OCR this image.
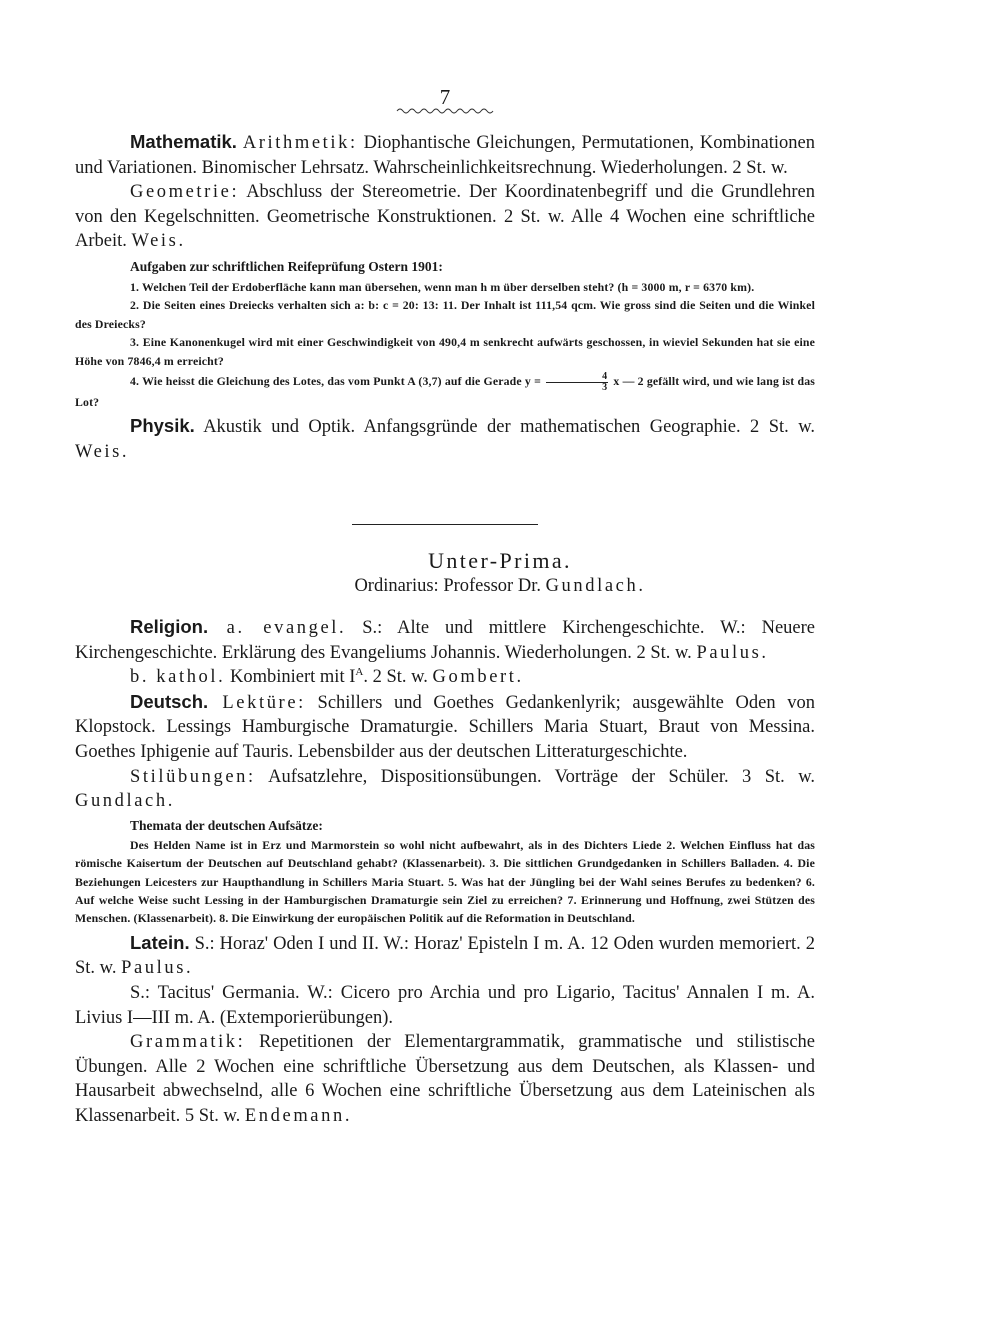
7

Mathematik. Arithmetik: Diophantische Gleichungen, Permutationen, Kombinationen und Variationen. Binomischer Lehrsatz. Wahrscheinlichkeitsrechnung. Wiederholungen. 2 St. w.

Geometrie: Abschluss der Stereometrie. Der Koordinatenbegriff und die Grundlehren von den Kegelschnitten. Geometrische Konstruktionen. 2 St. w. Alle 4 Wochen eine schriftliche Arbeit. Weis.

Aufgaben zur schriftlichen Reifeprüfung Ostern 1901:

1. Welchen Teil der Erdoberfläche kann man übersehen, wenn man h m über derselben steht? (h = 3000 m, r = 6370 km).

2. Die Seiten eines Dreiecks verhalten sich a: b: c = 20: 13: 11. Der Inhalt ist 111,54 qcm. Wie gross sind die Seiten und die Winkel des Dreiecks?

3. Eine Kanonenkugel wird mit einer Geschwindigkeit von 490,4 m senkrecht aufwärts geschossen, in wieviel Sekunden hat sie eine Höhe von 7846,4 m erreicht?

4. Wie heisst die Gleichung des Lotes, das vom Punkt A (3,7) auf die Gerade $y = \frac{4}{3}$ x — 2 gefällt wird, und wie lang ist das Lot?

Physik. Akustik und Optik. Anfangsgründe der mathematischen Geographie. 2 St. w. Weis.

Unter-Prima.
Ordinarius: Professor Dr. Gundlach.

Religion. a. evangel. S.: Alte und mittlere Kirchengeschichte. W.: Neuere Kirchengeschichte. Erklärung des Evangeliums Johannis. Wiederholungen. 2 St. w. Paulus.

b. kathol. Kombiniert mit $I^A$. 2 St. w. Gombert.

Deutsch. Lektüre: Schillers und Goethes Gedankenlyrik; ausgewählte Oden von Klopstock. Lessings Hamburgische Dramaturgie. Schillers Maria Stuart, Braut von Messina. Goethes Iphigenie auf Tauris. Lebensbilder aus der deutschen Litteraturgeschichte.

Stilübungen: Aufsatzlehre, Dispositionsübungen. Vorträge der Schüler. 3 St. w. Gundlach.

Themata der deutschen Aufsätze:

Des Helden Name ist in Erz und Marmorstein so wohl nicht aufbewahrt, als in des Dichters Liede 2. Welchen Einfluss hat das römische Kaisertum der Deutschen auf Deutschland gehabt? (Klassenarbeit). 3. Die sittlichen Grundgedanken in Schillers Balladen. 4. Die Beziehungen Leicesters zur Haupthandlung in Schillers Maria Stuart. 5. Was hat der Jüngling bei der Wahl seines Berufes zu bedenken? 6. Auf welche Weise sucht Lessing in der Hamburgischen Dramaturgie sein Ziel zu erreichen? 7. Erinnerung und Hoffnung, zwei Stützen des Menschen. (Klassenarbeit). 8. Die Einwirkung der europäischen Politik auf die Reformation in Deutschland.

Latein. S.: Horaz' Oden I und II. W.: Horaz' Episteln I m. A. 12 Oden wurden memoriert. 2 St. w. Paulus.

S.: Tacitus' Germania. W.: Cicero pro Archia und pro Ligario, Tacitus' Annalen I m. A. Livius I—III m. A. (Extemporierübungen).

Grammatik: Repetitionen der Elementargrammatik, grammatische und stilistische Übungen. Alle 2 Wochen eine schriftliche Übersetzung aus dem Deutschen, als Klassen- und Hausarbeit abwechselnd, alle 6 Wochen eine schriftliche Übersetzung aus dem Lateinischen als Klassenarbeit. 5 St. w. Endemann.
